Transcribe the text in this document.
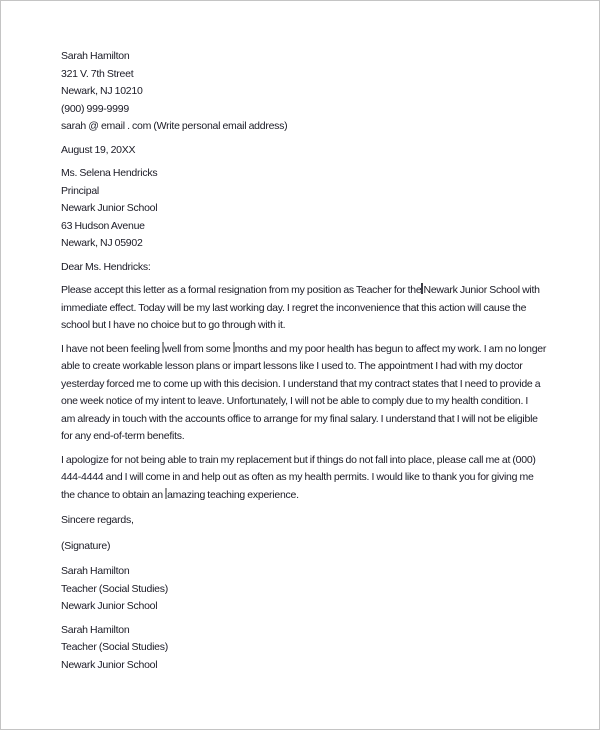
Sarah Hamilton
321 V. 7th Street
Newark, NJ 10210
(900) 999-9999
sarah @ email . com (Write personal email address)
August 19, 20XX
Ms. Selena Hendricks
Principal
Newark Junior School
63 Hudson Avenue
Newark, NJ 05902
Dear Ms. Hendricks:
Please accept this letter as a formal resignation from my position as Teacher for the Newark Junior School with
immediate effect. Today will be my last working day. I regret the inconvenience that this action will cause the
school but I have no choice but to go through with it.
I have not been feeling well from some months and my poor health has begun to affect my work. I am no longer
able to create workable lesson plans or impart lessons like I used to. The appointment I had with my doctor
yesterday forced me to come up with this decision. I understand that my contract states that I need to provide a
one week notice of my intent to leave. Unfortunately, I will not be able to comply due to my health condition. I
am already in touch with the accounts office to arrange for my final salary. I understand that I will not be eligible
for any end-of-term benefits.
I apologize for not being able to train my replacement but if things do not fall into place, please call me at (000)
444-4444 and I will come in and help out as often as my health permits. I would like to thank you for giving me
the chance to obtain an amazing teaching experience.
Sincere regards,
(Signature)
Sarah Hamilton
Teacher (Social Studies)
Newark Junior School
Sarah Hamilton
Teacher (Social Studies)
Newark Junior School
